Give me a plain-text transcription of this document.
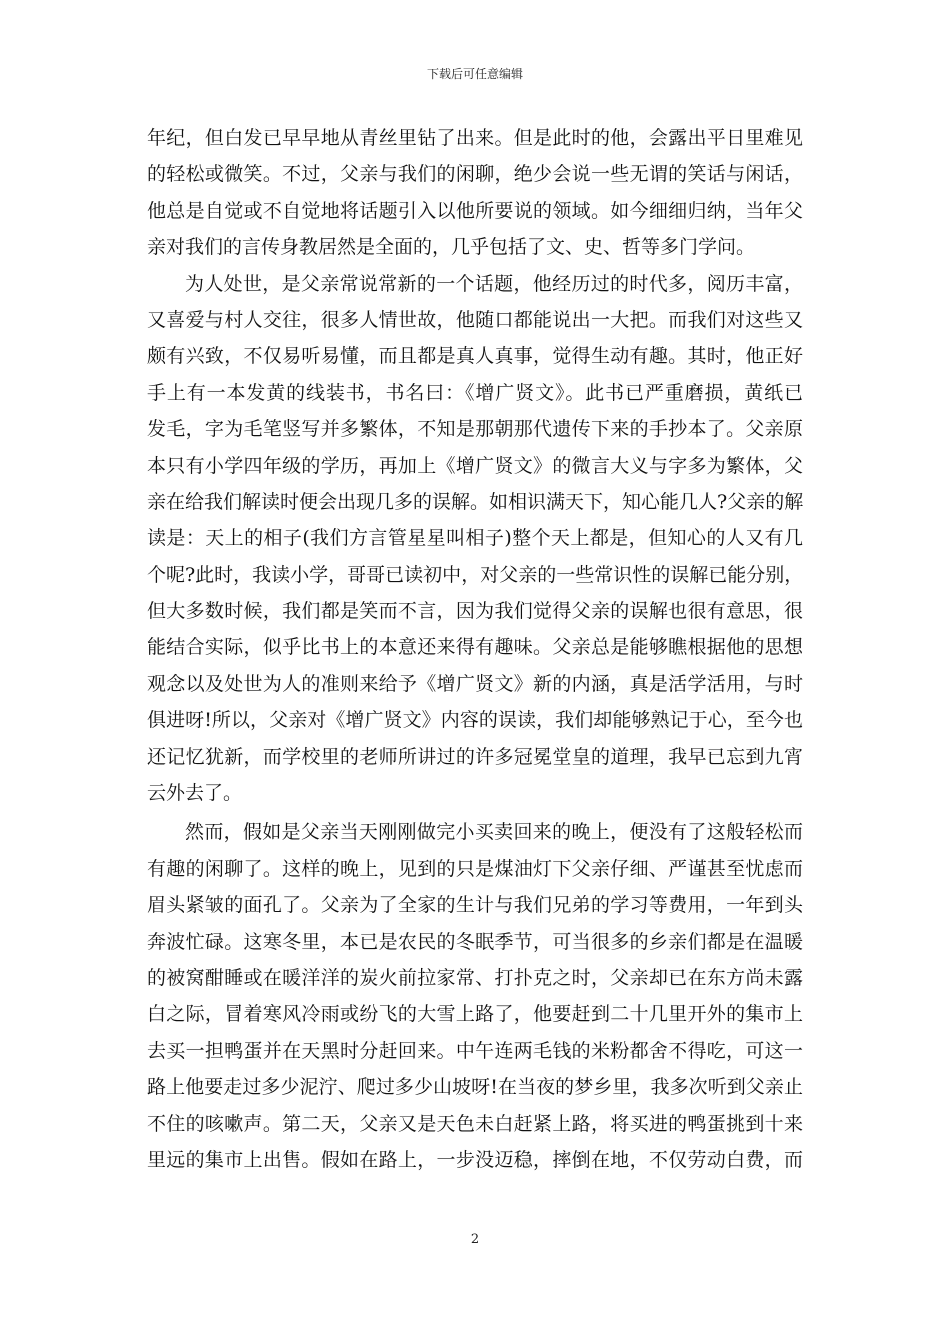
下载后可任意编辑
年纪，但白发已早早地从青丝里钻了出来。但是此时的他，会露出平日里难见
的轻松或微笑。不过，父亲与我们的闲聊，绝少会说一些无谓的笑话与闲话，
他总是自觉或不自觉地将话题引入以他所要说的领域。如今细细归纳，当年父
亲对我们的言传身教居然是全面的，几乎包括了文、史、哲等多门学问。
为人处世，是父亲常说常新的一个话题，他经历过的时代多，阅历丰富，
又喜爱与村人交往，很多人情世故，他随口都能说出一大把。而我们对这些又
颇有兴致，不仅易听易懂，而且都是真人真事，觉得生动有趣。其时，他正好
手上有一本发黄的线装书，书名曰：《增广贤文》。此书已严重磨损，黄纸已
发毛，字为毛笔竖写并多繁体，不知是那朝那代遗传下来的手抄本了。父亲原
本只有小学四年级的学历，再加上《增广贤文》的微言大义与字多为繁体，父
亲在给我们解读时便会出现几多的误解。如相识满天下，知心能几人?父亲的解
读是：天上的相子(我们方言管星星叫相子)整个天上都是，但知心的人又有几
个呢?此时，我读小学，哥哥已读初中，对父亲的一些常识性的误解已能分别，
但大多数时候，我们都是笑而不言，因为我们觉得父亲的误解也很有意思，很
能结合实际，似乎比书上的本意还来得有趣味。父亲总是能够瞧根据他的思想
观念以及处世为人的准则来给予《增广贤文》新的内涵，真是活学活用，与时
俱进呀!所以，父亲对《增广贤文》内容的误读，我们却能够熟记于心，至今也
还记忆犹新，而学校里的老师所讲过的许多冠冕堂皇的道理，我早已忘到九宵
云外去了。
然而，假如是父亲当天刚刚做完小买卖回来的晚上，便没有了这般轻松而
有趣的闲聊了。这样的晚上，见到的只是煤油灯下父亲仔细、严谨甚至忧虑而
眉头紧皱的面孔了。父亲为了全家的生计与我们兄弟的学习等费用，一年到头
奔波忙碌。这寒冬里，本已是农民的冬眠季节，可当很多的乡亲们都是在温暖
的被窝酣睡或在暖洋洋的炭火前拉家常、打扑克之时，父亲却已在东方尚未露
白之际，冒着寒风冷雨或纷飞的大雪上路了，他要赶到二十几里开外的集市上
去买一担鸭蛋并在天黑时分赶回来。中午连两毛钱的米粉都舍不得吃，可这一
路上他要走过多少泥泞、爬过多少山坡呀!在当夜的梦乡里，我多次听到父亲止
不住的咳嗽声。第二天，父亲又是天色未白赶紧上路，将买进的鸭蛋挑到十来
里远的集市上出售。假如在路上，一步没迈稳，摔倒在地，不仅劳动白费，而
2
